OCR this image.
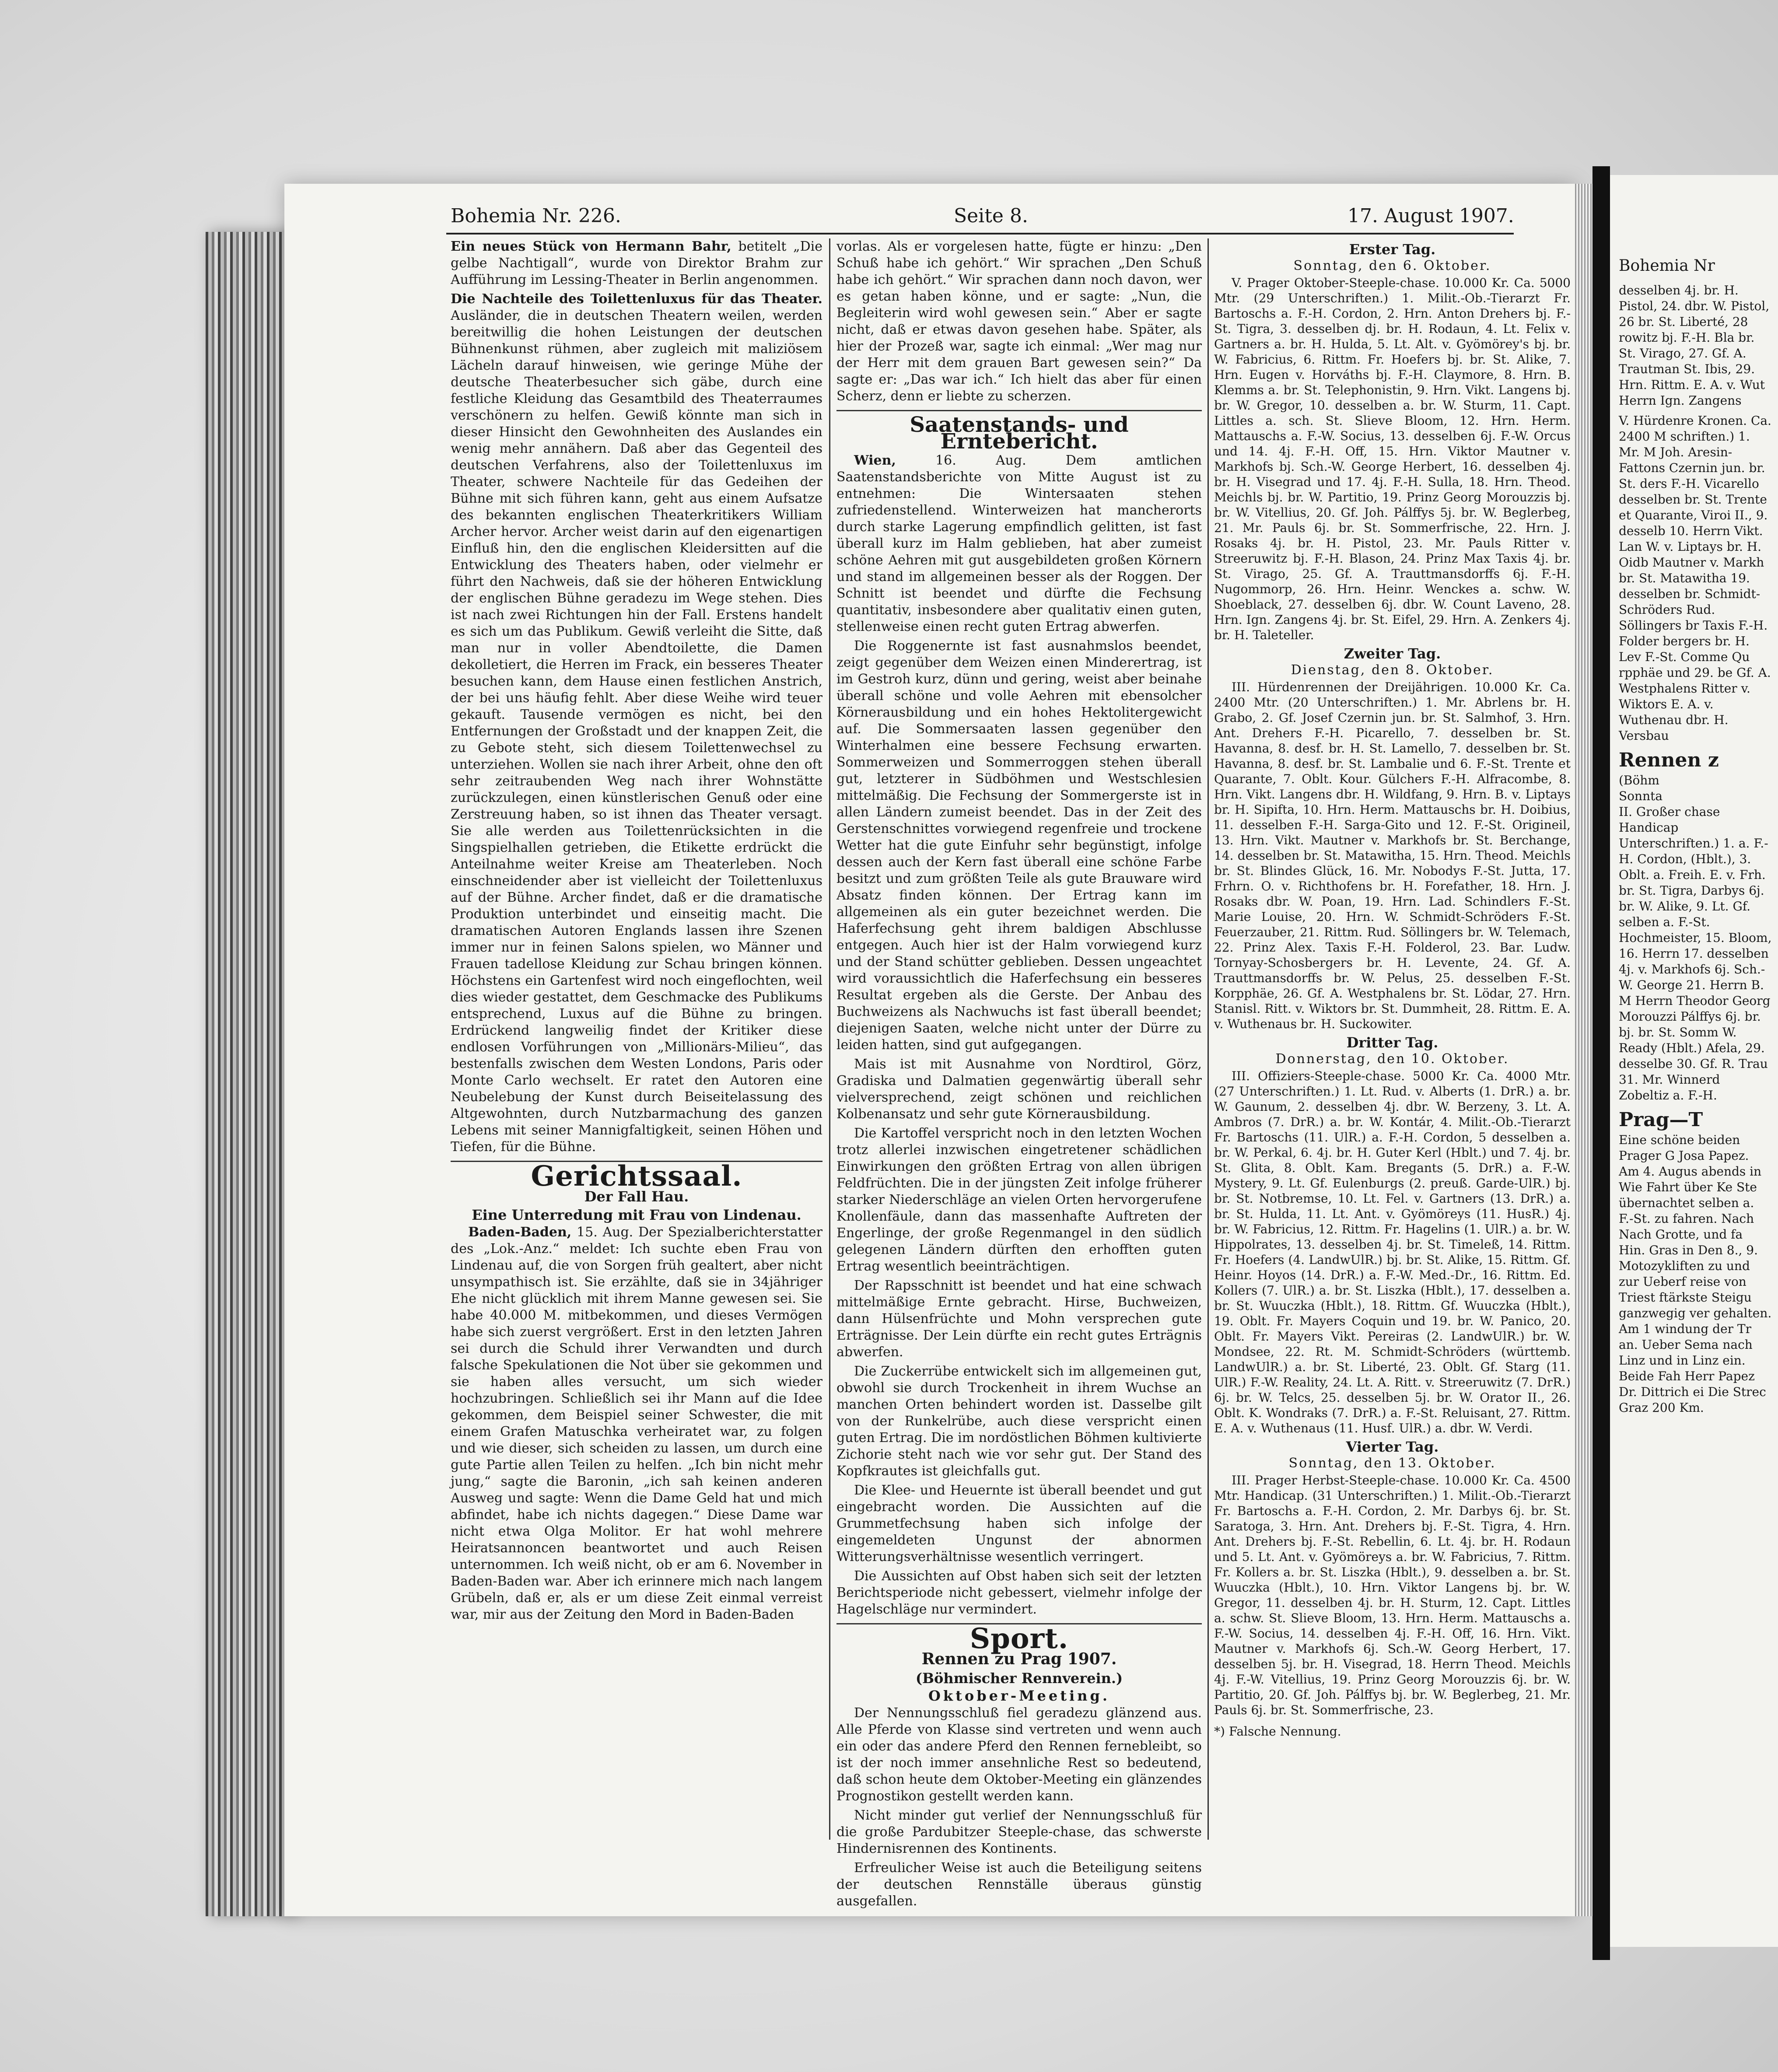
Bohemia Nr. 226.	Seite 8.	17. August 1907.

Ein neues Stück von Hermann Bahr, betitelt „Die gelbe Nachtigall“, wurde von Direktor Brahm zur Aufführung im Lessing-Theater in Berlin angenommen.

Die Nachteile des Toilettenluxus für das Theater. Ausländer, die in deutschen Theatern weilen, werden bereitwillig die hohen Leistungen der deutschen Bühnenkunst rühmen, aber zugleich mit maliziösem Lächeln darauf hinweisen, wie geringe Mühe der deutsche Theaterbesucher sich gäbe, durch eine festliche Kleidung das Gesamtbild des Theaterraumes verschönern zu helfen. Gewiß könnte man sich in dieser Hinsicht den Gewohnheiten des Auslandes ein wenig mehr annähern. Daß aber das Gegenteil des deutschen Verfahrens, also der Toilettenluxus im Theater, schwere Nachteile für das Gedeihen der Bühne mit sich führen kann, geht aus einem Aufsatze des bekannten englischen Theaterkritikers William Archer hervor. Archer weist darin auf den eigenartigen Einfluß hin, den die englischen Kleidersitten auf die Entwicklung des Theaters haben, oder vielmehr er führt den Nachweis, daß sie der höheren Entwicklung der englischen Bühne geradezu im Wege stehen. Dies ist nach zwei Richtungen hin der Fall. Erstens handelt es sich um das Publikum. Gewiß verleiht die Sitte, daß man nur in voller Abendtoilette, die Damen dekolletiert, die Herren im Frack, ein besseres Theater besuchen kann, dem Hause einen festlichen Anstrich, der bei uns häufig fehlt. Aber diese Weihe wird teuer gekauft. Tausende vermögen es nicht, bei den Entfernungen der Großstadt und der knappen Zeit, die zu Gebote steht, sich diesem Toilettenwechsel zu unterziehen. Wollen sie nach ihrer Arbeit, ohne den oft sehr zeitraubenden Weg nach ihrer Wohnstätte zurückzulegen, einen künstlerischen Genuß oder eine Zerstreuung haben, so ist ihnen das Theater versagt. Sie alle werden aus Toilettenrücksichten in die Singspielhallen getrieben, die Etikette erdrückt die Anteilnahme weiter Kreise am Theaterleben. Noch einschneidender aber ist vielleicht der Toilettenluxus auf der Bühne. Archer findet, daß er die dramatische Produktion unterbindet und einseitig macht. Die dramatischen Autoren Englands lassen ihre Szenen immer nur in feinen Salons spielen, wo Männer und Frauen tadellose Kleidung zur Schau bringen können. Höchstens ein Gartenfest wird noch eingeflochten, weil dies wieder gestattet, dem Geschmacke des Publikums entsprechend, Luxus auf die Bühne zu bringen. Erdrückend langweilig findet der Kritiker diese endlosen Vorführungen von „Millionärs-Milieu“, das bestenfalls zwischen dem Westen Londons, Paris oder Monte Carlo wechselt. Er ratet den Autoren eine Neubelebung der Kunst durch Beiseitelassung des Altgewohnten, durch Nutzbarmachung des ganzen Lebens mit seiner Mannigfaltigkeit, seinen Höhen und Tiefen, für die Bühne.

Gerichtssaal.
Der Fall Hau.
Eine Unterredung mit Frau von Lindenau.

Baden-Baden, 15. Aug. Der Spezialberichterstatter des „Lok.-Anz.“ meldet: Ich suchte eben Frau von Lindenau auf, die von Sorgen früh gealtert, aber nicht unsympathisch ist. Sie erzählte, daß sie in 34jähriger Ehe nicht glücklich mit ihrem Manne gewesen sei. Sie habe 40.000 M. mitbekommen, und dieses Vermögen habe sich zuerst vergrößert. Erst in den letzten Jahren sei durch die Schuld ihrer Verwandten und durch falsche Spekulationen die Not über sie gekommen und sie haben alles versucht, um sich wieder hochzubringen. Schließlich sei ihr Mann auf die Idee gekommen, dem Beispiel seiner Schwester, die mit einem Grafen Matuschka verheiratet war, zu folgen und wie dieser, sich scheiden zu lassen, um durch eine gute Partie allen Teilen zu helfen. „Ich bin nicht mehr jung,“ sagte die Baronin, „ich sah keinen anderen Ausweg und sagte: Wenn die Dame Geld hat und mich abfindet, habe ich nichts dagegen.“ Diese Dame war nicht etwa Olga Molitor. Er hat wohl mehrere Heiratsannoncen beantwortet und auch Reisen unternommen. Ich weiß nicht, ob er am 6. November in Baden-Baden war. Aber ich erinnere mich nach langem Grübeln, daß er, als er um diese Zeit einmal verreist war, mir aus der Zeitung den Mord in Baden-Baden

vorlas. Als er vorgelesen hatte, fügte er hinzu: „Den Schuß habe ich gehört.“ Wir sprachen „Den Schuß habe ich gehört.“ Wir sprachen dann noch davon, wer es getan haben könne, und er sagte: „Nun, die Begleiterin wird wohl gewesen sein.“ Aber er sagte nicht, daß er etwas davon gesehen habe. Später, als hier der Prozeß war, sagte ich einmal: „Wer mag nur der Herr mit dem grauen Bart gewesen sein?“ Da sagte er: „Das war ich.“ Ich hielt das aber für einen Scherz, denn er liebte zu scherzen.

Saatenstands- und Erntebericht.

Wien,	16. Aug. Dem amtlichen Saatenstandsberichte von Mitte August ist zu entnehmen: Die Wintersaaten stehen zufriedenstellend. Winterweizen hat mancherorts durch starke Lagerung empfindlich gelitten, ist fast überall kurz im Halm geblieben, hat aber zumeist schöne Aehren mit gut ausgebildeten großen Körnern und stand im allgemeinen besser als der Roggen. Der Schnitt ist beendet und dürfte die Fechsung quantitativ, insbesondere aber qualitativ einen guten, stellenweise einen recht guten Ertrag abwerfen.

Die Roggenernte ist fast ausnahmslos beendet, zeigt gegenüber dem Weizen einen Minderertrag, ist im Gestroh kurz, dünn und gering, weist aber beinahe überall schöne und volle Aehren mit ebensolcher Körnerausbildung und ein hohes Hektolitergewicht auf. Die Sommersaaten lassen gegenüber den Winterhalmen eine bessere Fechsung erwarten. Sommerweizen und Sommerroggen stehen überall gut, letzterer in Südböhmen und Westschlesien mittelmäßig. Die Fechsung der Sommergerste ist in allen Ländern zumeist beendet. Das in der Zeit des Gerstenschnittes vorwiegend regenfreie und trockene Wetter hat die gute Einfuhr sehr begünstigt, infolge dessen auch der Kern fast überall eine schöne Farbe besitzt und zum größten Teile als gute Brauware wird Absatz finden können. Der Ertrag kann im allgemeinen als ein guter bezeichnet werden. Die Haferfechsung geht ihrem baldigen Abschlusse entgegen. Auch hier ist der Halm vorwiegend kurz und der Stand schütter geblieben. Dessen ungeachtet wird voraussichtlich die Haferfechsung ein besseres Resultat ergeben als die Gerste. Der Anbau des Buchweizens als Nachwuchs ist fast überall beendet; diejenigen Saaten, welche nicht unter der Dürre zu leiden hatten, sind gut aufgegangen.

Mais ist mit Ausnahme von Nordtirol, Görz, Gradiska und Dalmatien gegenwärtig überall sehr vielversprechend, zeigt schönen und reichlichen Kolbenansatz und sehr gute Körnerausbildung.

Die Kartoffel verspricht noch in den letzten Wochen trotz allerlei inzwischen eingetretener schädlichen Einwirkungen den größten Ertrag von allen übrigen Feldfrüchten. Die in der jüngsten Zeit infolge früherer starker Niederschläge an vielen Orten hervorgerufene Knollenfäule, dann das massenhafte Auftreten der Engerlinge, der große Regenmangel in den südlich gelegenen Ländern dürften den erhofften guten Ertrag wesentlich beeinträchtigen.

Der Rapsschnitt ist beendet und hat eine schwach mittelmäßige Ernte gebracht. Hirse, Buchweizen, dann Hülsenfrüchte und Mohn versprechen gute Erträgnisse. Der Lein dürfte ein recht gutes Erträgnis abwerfen.

Die Zuckerrübe entwickelt sich im allgemeinen gut, obwohl sie durch Trockenheit in ihrem Wuchse an manchen Orten behindert worden ist. Dasselbe gilt von der Runkelrübe, auch diese verspricht einen guten Ertrag. Die im nordöstlichen Böhmen kultivierte Zichorie steht nach wie vor sehr gut. Der Stand des Kopfkrautes ist gleichfalls gut.

Die Klee- und Heuernte ist überall beendet und gut eingebracht worden. Die Aussichten auf die Grummetfechsung haben sich infolge der eingemeldeten Ungunst der abnormen Witterungsverhältnisse wesentlich verringert.

Die Aussichten auf Obst haben sich seit der letzten Berichtsperiode nicht gebessert, vielmehr infolge der Hagelschläge nur vermindert.

Sport.
Rennen zu Prag 1907.
(Böhmischer Rennverein.)
Oktober-Meeting.

Der Nennungsschluß fiel geradezu glänzend aus. Alle Pferde von Klasse sind vertreten und wenn auch ein oder das andere Pferd den Rennen fernebleibt, so ist der noch immer ansehnliche Rest so bedeutend, daß schon heute dem Oktober-Meeting ein glänzendes Prognostikon gestellt werden kann.

Nicht minder gut verlief der Nennungsschluß für die große Pardubitzer Steeple-chase, das schwerste Hindernisrennen des Kontinents.

Erfreulicher Weise ist auch die Beteiligung seitens der deutschen Rennställe überaus günstig ausgefallen.

Erster Tag.
Sonntag, den 6. Oktober.

V. Prager Oktober-Steeple-chase. 10.000 Kr. Ca. 5000 Mtr. (29 Unterschriften.) 1. Milit.-Ob.-Tierarzt Fr. Bartoschs a. F.-H. Cordon, 2. Hrn. Anton Drehers bj. F.-St. Tigra, 3. desselben dj. br. H. Rodaun, 4. Lt. Felix v. Gartners a. br. H. Hulda, 5. Lt. Alt. v. Gyömörey's bj. br. W. Fabricius, 6. Rittm. Fr. Hoefers bj. br. St. Alike, 7. Hrn. Eugen v. Horváths bj. F.-H. Claymore, 8. Hrn. B. Klemms a. br. St. Telephonistin, 9. Hrn. Vikt. Langens bj. br. W. Gregor, 10. desselben a. br. W. Sturm, 11. Capt. Littles a. sch. St. Slieve Bloom, 12. Hrn. Herm. Mattauschs a. F.-W. Socius, 13. desselben 6j. F.-W. Orcus und 14. 4j. F.-H. Off, 15. Hrn. Viktor Mautner v. Markhofs bj. Sch.-W. George Herbert, 16. desselben 4j. br. H. Visegrad und 17. 4j. F.-H. Sulla, 18. Hrn. Theod. Meichls bj. br. W. Partitio, 19. Prinz Georg Morouzzis bj. br. W. Vitellius, 20. Gf. Joh. Pálffys 5j. br. W. Beglerbeg, 21. Mr. Pauls 6j. br. St. Sommerfrische, 22. Hrn. J. Rosaks 4j. br. H. Pistol, 23. Mr. Pauls Ritter v. Streeruwitz bj. F.-H. Blason, 24. Prinz Max Taxis 4j. br. St. Virago, 25. Gf. A. Trauttmansdorffs 6j. F.-H. Nugommorp, 26. Hrn. Heinr. Wenckes a. schw. W. Shoeblack, 27. desselben 6j. dbr. W. Count Laveno, 28. Hrn. Ign. Zangens 4j. br. St. Eifel, 29. Hrn. A. Zenkers 4j. br. H. Taleteller.

Zweiter Tag.
Dienstag, den 8. Oktober.

III. Hürdenrennen der Dreijährigen. 10.000 Kr. Ca. 2400 Mtr. (20 Unterschriften.) 1. Mr. Abrlens br. H. Grabo, 2. Gf. Josef Czernin jun. br. St. Salmhof, 3. Hrn. Ant. Drehers F.-H. Picarello, 7. desselben br. St. Havanna, 8. desf. br. H. St. Lamello, 7. desselben br. St. Havanna, 8. desf. br. St. Lambalie und 6. F.-St. Trente et Quarante, 7. Oblt. Kour. Gülchers F.-H. Alfracombe, 8. Hrn. Vikt. Langens dbr. H. Wildfang, 9. Hrn. B. v. Liptays br. H. Sipifta, 10. Hrn. Herm. Mattauschs br. H. Doibius, 11. desselben F.-H. Sarga-Gito und 12. F.-St. Origineil, 13. Hrn. Vikt. Mautner v. Markhofs br. St. Berchange, 14. desselben br. St. Matawitha, 15. Hrn. Theod. Meichls br. St. Blindes Glück, 16. Mr. Nobodys F.-St. Jutta, 17. Frhrn. O. v. Richthofens br. H. Forefather, 18. Hrn. J. Rosaks dbr. W. Poan, 19. Hrn. Lad. Schindlers F.-St. Marie Louise, 20. Hrn. W. Schmidt-Schröders F.-St. Feuerzauber, 21. Rittm. Rud. Söllingers br. W. Telemach, 22. Prinz Alex. Taxis F.-H. Folderol, 23. Bar. Ludw. Tornyay-Schosbergers br. H. Levente, 24. Gf. A. Trauttmansdorffs br. W. Pelus, 25. desselben F.-St. Korpphäe, 26. Gf. A. Westphalens br. St. Lödar, 27. Hrn. Stanisl. Ritt. v. Wiktors br. St. Dummheit, 28. Rittm. E. A. v. Wuthenaus br. H. Suckowiter.

Dritter Tag.
Donnerstag, den 10. Oktober.

III. Offiziers-Steeple-chase. 5000 Kr. Ca. 4000 Mtr. (27 Unterschriften.) 1. Lt. Rud. v. Alberts (1. DrR.) a. br. W. Gaunum, 2. desselben 4j. dbr. W. Berzeny, 3. Lt. A. Ambros (7. DrR.) a. br. W. Kontár, 4. Milit.-Ob.-Tierarzt Fr. Bartoschs (11. UlR.) a. F.-H. Cordon, 5 desselben a. br. W. Perkal, 6. 4j. br. H. Guter Kerl (Hblt.) und 7. 4j. br. St. Glita, 8. Oblt. Kam. Bregants (5. DrR.) a. F.-W. Mystery, 9. Lt. Gf. Eulenburgs (2. preuß. Garde-UlR.) bj. br. St. Notbremse, 10. Lt. Fel. v. Gartners (13. DrR.) a. br. St. Hulda, 11. Lt. Ant. v. Gyömöreys (11. HusR.) 4j. br. W. Fabricius, 12. Rittm. Fr. Hagelins (1. UlR.) a. br. W. Hippolrates, 13. desselben 4j. br. St. Timeleß, 14. Rittm. Fr. Hoefers (4. LandwUlR.) bj. br. St. Alike, 15. Rittm. Gf. Heinr. Hoyos (14. DrR.) a. F.-W. Med.-Dr., 16. Rittm. Ed. Kollers (7. UlR.) a. br. St. Liszka (Hblt.), 17. desselben a. br. St. Wuuczka (Hblt.), 18. Rittm. Gf. Wuuczka (Hblt.), 19. Oblt. Fr. Mayers Coquin und 19. br. W. Panico, 20. Oblt. Fr. Mayers Vikt. Pereiras (2. LandwUlR.) br. W. Mondsee, 22. Rt. M. Schmidt-Schröders (württemb. LandwUlR.) a. br. St. Liberté, 23. Oblt. Gf. Starg (11. UlR.) F.-W. Reality, 24. Lt. A. Ritt. v. Streeruwitz (7. DrR.) 6j. br. W. Telcs, 25. desselben 5j. br. W. Orator II., 26. Oblt. K. Wondraks (7. DrR.) a. F.-St. Reluisant, 27. Rittm. E. A. v. Wuthenaus (11. Husf. UlR.) a. dbr. W. Verdi.

Vierter Tag.
Sonntag, den 13. Oktober.

III. Prager Herbst-Steeple-chase. 10.000 Kr. Ca. 4500 Mtr. Handicap. (31 Unterschriften.) 1. Milit.-Ob.-Tierarzt Fr. Bartoschs a. F.-H. Cordon, 2. Mr. Darbys 6j. br. St. Saratoga, 3. Hrn. Ant. Drehers bj. F.-St. Tigra, 4. Hrn. Ant. Drehers bj. F.-St. Rebellin, 6. Lt. 4j. br. H. Rodaun und 5. Lt. Ant. v. Gyömöreys a. br. W. Fabricius, 7. Rittm. Fr. Kollers a. br. St. Liszka (Hblt.), 9. desselben a. br. St. Wuuczka (Hblt.), 10. Hrn. Viktor Langens bj. br. W. Gregor, 11. desselben 4j. br. H. Sturm, 12. Capt. Littles a. schw. St. Slieve Bloom, 13. Hrn. Herm. Mattauschs a. F.-W. Socius, 14. desselben 4j. F.-H. Off, 16. Hrn. Vikt. Mautner v. Markhofs 6j. Sch.-W. Georg Herbert, 17. desselben 5j. br. H. Visegrad, 18. Herrn Theod. Meichls 4j. F.-W. Vitellius, 19. Prinz Georg Morouzzis 6j. br. W. Partitio, 20. Gf. Joh. Pálffys bj. br. W. Beglerbeg, 21. Mr. Pauls 6j. br. St. Sommerfrische, 23.

*) Falsche Nennung.
Bohemia Nr
desselben 4j. br. H. Pistol, 24. dbr. W. Pistol, 26 br. St. Liberté, 28 rowitz bj. F.-H. Bla br. St. Virago, 27. Gf. A. Trautman St. Ibis, 29. Hrn. Rittm. E. A. v. Wut Herrn Ign. Zangens
V. Hürdenre Kronen. Ca. 2400 M schriften.) 1. Mr. M Joh. Aresin-Fattons Czernin jun. br. St. ders F.-H. Vicarello desselben br. St. Trente et Quarante, Viroi II., 9. desselb 10. Herrn Vikt. Lan W. v. Liptays br. H. Oidb Mautner v. Markh br. St. Matawitha 19. desselben br. Schmidt-Schröders Rud. Söllingers br Taxis F.-H. Folder bergers br. H. Lev F.-St. Comme Qu rpphäe und 29. be Gf. A. Westphalens Ritter v. Wiktors E. A. v. Wuthenau dbr. H. Versbau
Rennen z
(Böhm
Sonnta
II. Großer chase Handicap Unterschriften.) 1. a. F.-H. Cordon, (Hblt.), 3. Oblt. a. Freih. E. v. Frh. br. St. Tigra, Darbys 6j. br. W. Alike, 9. Lt. Gf. selben a. F.-St. Hochmeister, 15. Bloom, 16. Herrn 17. desselben 4j. v. Markhofs 6j. Sch.-W. George 21. Herrn B. M Herrn Theodor Georg Morouzzi Pálffys 6j. br. bj. br. St. Somm W. Ready (Hblt.) Afela, 29. desselbe 30. Gf. R. Trau 31. Mr. Winnerd Zobeltiz a. F.-H.
Prag—T
Eine schöne beiden Prager G Josa Papez. Am 4. Augus abends in Wie Fahrt über Ke Ste übernachtet selben a. F.-St. zu fahren. Nach Nach Grotte, und fa Hin. Gras in Den 8., 9. Motozykliften zu und zur Ueberf reise von Triest ftärkste Steigu ganzwegig ver gehalten. Am 1 windung der Tr an. Ueber Sema nach Linz und in Linz ein. Beide Fah Herr Papez Dr. Dittrich ei Die Strec Graz 200 Km.
